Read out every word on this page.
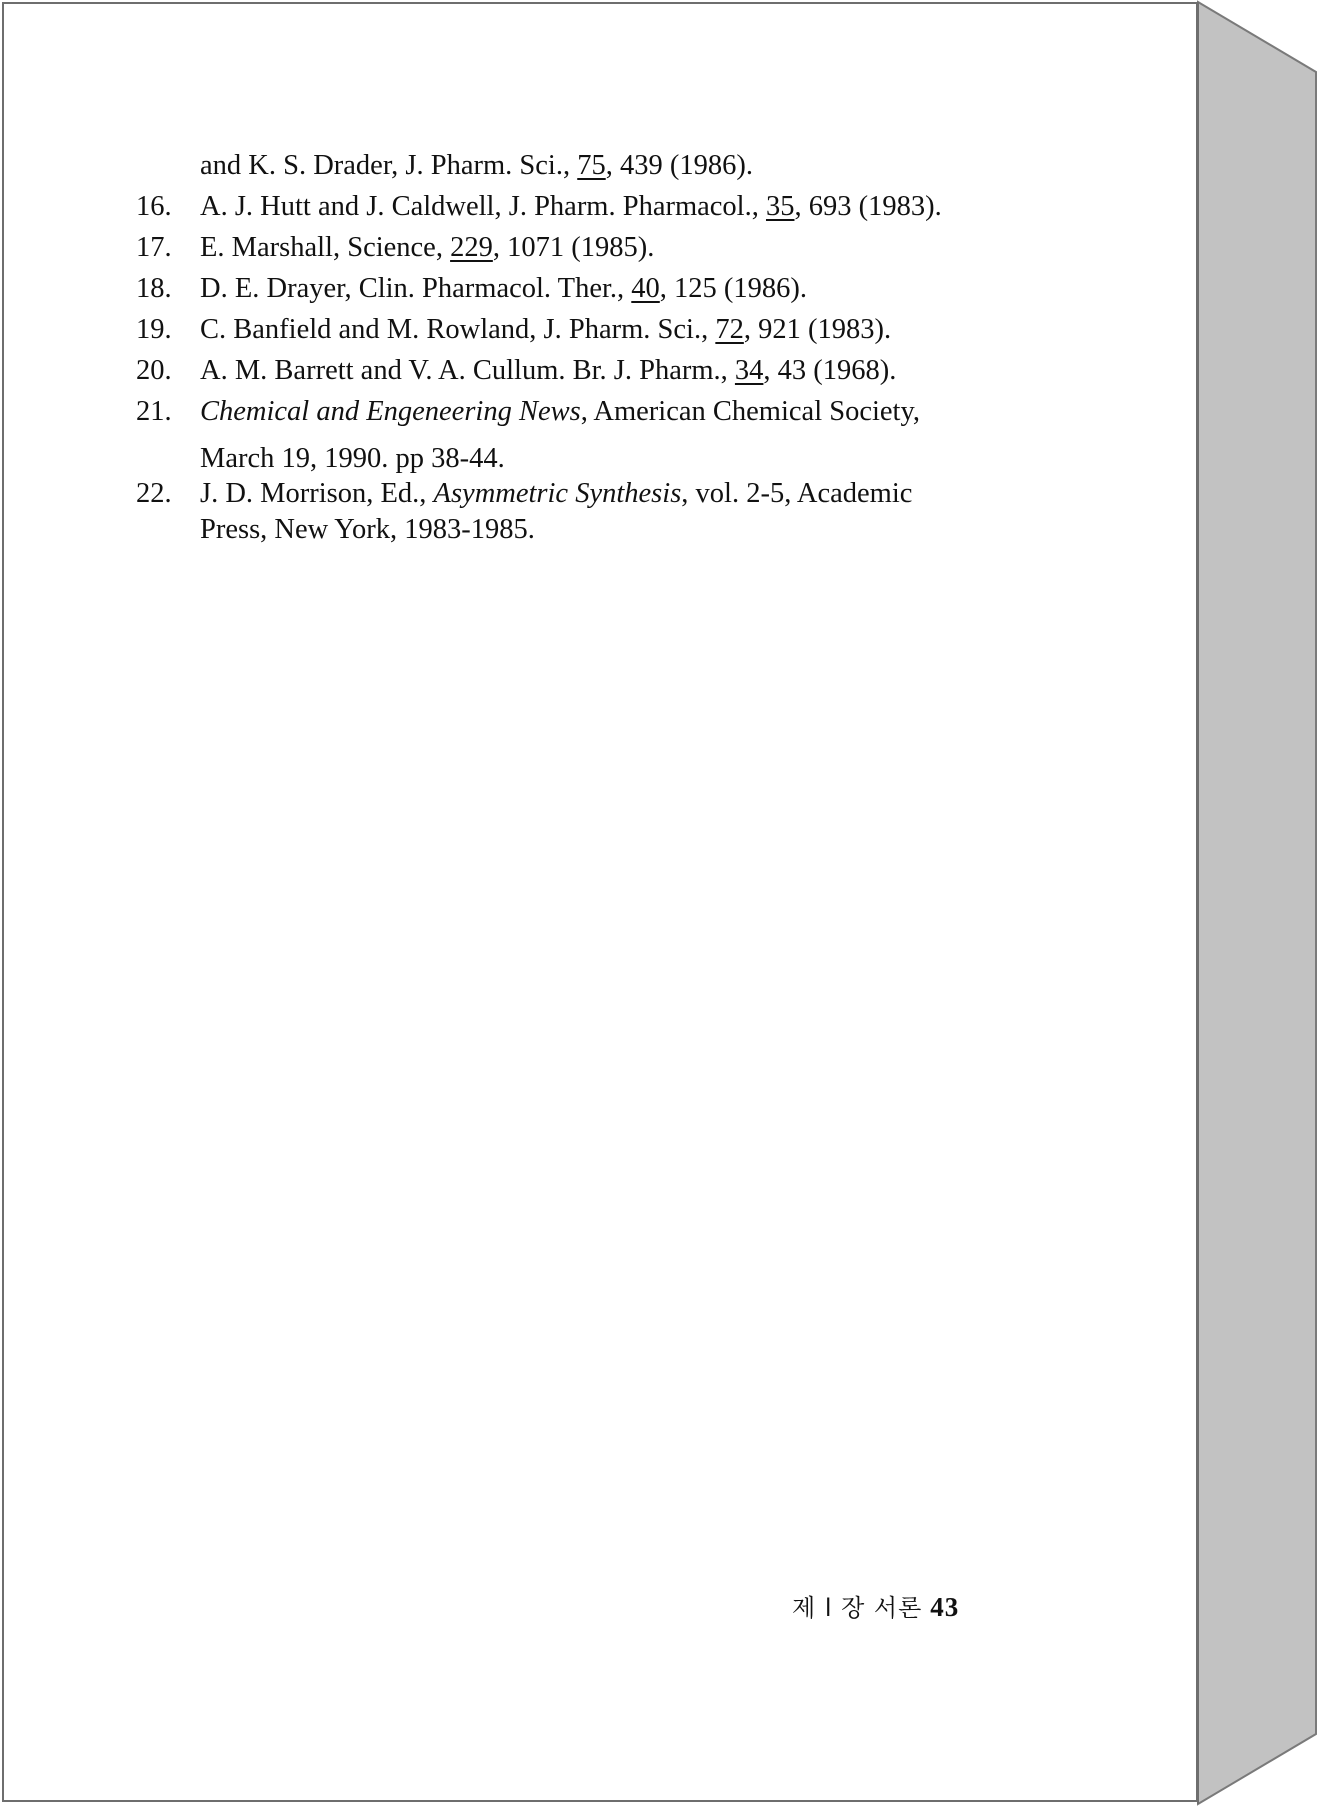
and K. S. Drader, J. Pharm. Sci., 75, 439 (1986).
16. A. J. Hutt and J. Caldwell, J. Pharm. Pharmacol., 35, 693 (1983).
17. E. Marshall, Science, 229, 1071 (1985).
18. D. E. Drayer, Clin. Pharmacol. Ther., 40, 125 (1986).
19. C. Banfield and M. Rowland, J. Pharm. Sci., 72, 921 (1983).
20. A. M. Barrett and V. A. Cullum. Br. J. Pharm., 34, 43 (1968).
21. Chemical and Engeneering News, American Chemical Society,
March 19, 1990. pp 38-44.
22. J. D. Morrison, Ed., Asymmetric Synthesis, vol. 2-5, Academic
Press, New York, 1983-1985.
제 l 장 서론 43
